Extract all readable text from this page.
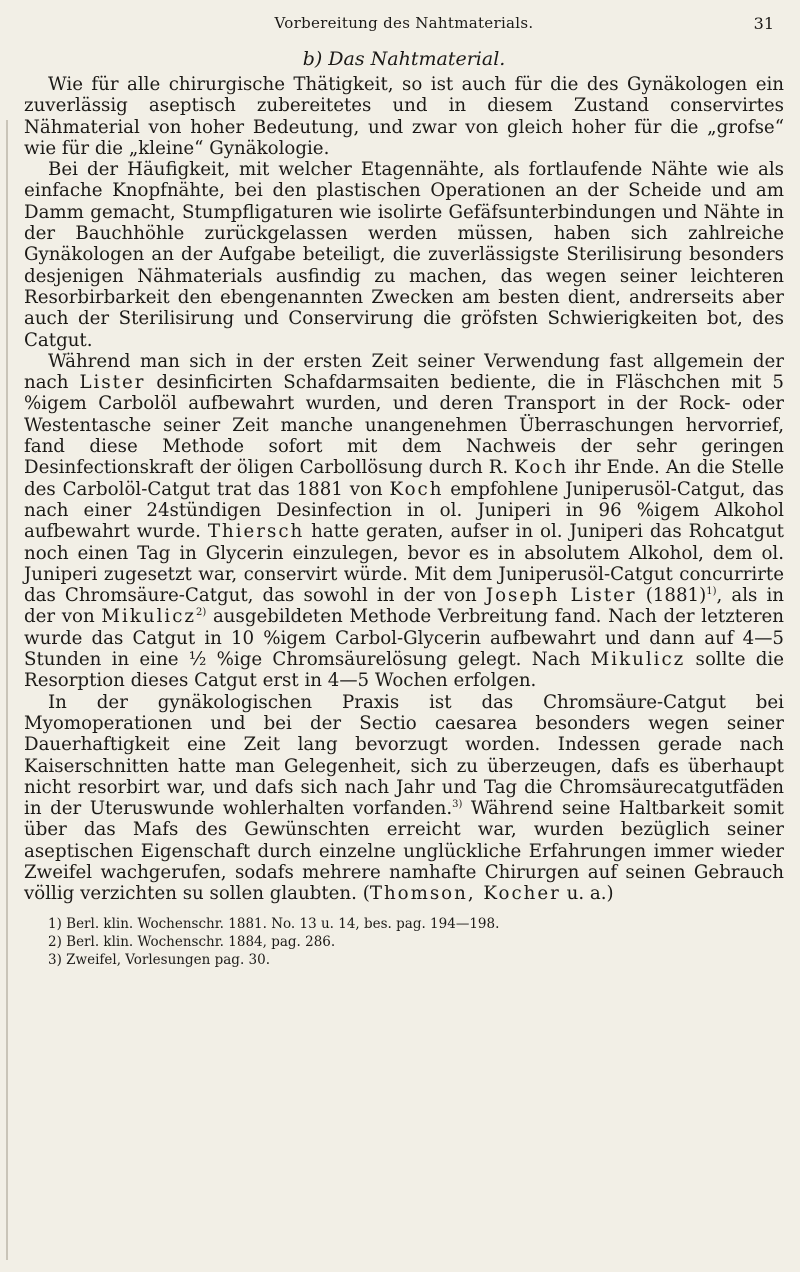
Vorbereitung des Nahtmaterials.	31
b) Das Nahtmaterial.

Wie für alle chirurgische Thätigkeit, so ist auch für die des Gynäkologen ein zuverlässig aseptisch zubereitetes und in diesem Zustand conservirtes Nähmaterial von hoher Bedeutung, und zwar von gleich hoher für die „grofse“ wie für die „kleine“ Gynäkologie.

Bei der Häufigkeit, mit welcher Etagennähte, als fortlaufende Nähte wie als einfache Knopfnähte, bei den plastischen Operationen an der Scheide und am Damm gemacht, Stumpfligaturen wie isolirte Gefäfsunterbindungen und Nähte in der Bauchhöhle zurückgelassen werden müssen, haben sich zahlreiche Gynäkologen an der Aufgabe beteiligt, die zuverlässigste Sterilisirung besonders desjenigen Nähmaterials ausfindig zu machen, das wegen seiner leichteren Resorbirbarkeit den ebengenannten Zwecken am besten dient, andrerseits aber auch der Sterilisirung und Conservirung die gröfsten Schwierigkeiten bot, des Catgut.

Während man sich in der ersten Zeit seiner Verwendung fast allgemein der nach Lister desinficirten Schafdarmsaiten bediente, die in Fläschchen mit 5 %igem Carbolöl aufbewahrt wurden, und deren Transport in der Rock- oder Westentasche seiner Zeit manche unangenehmen Überraschungen hervorrief, fand diese Methode sofort mit dem Nachweis der sehr geringen Desinfectionskraft der öligen Carbollösung durch R. Koch ihr Ende. An die Stelle des Carbolöl-Catgut trat das 1881 von Koch empfohlene Juniperusöl-Catgut, das nach einer 24stündigen Desinfection in ol. Juniperi in 96 %igem Alkohol aufbewahrt wurde. Thiersch hatte geraten, aufser in ol. Juniperi das Rohcatgut noch einen Tag in Glycerin einzulegen, bevor es in absolutem Alkohol, dem ol. Juniperi zugesetzt war, conservirt würde. Mit dem Juniperusöl-Catgut concurrirte das Chromsäure-Catgut, das sowohl in der von Joseph Lister $(1881)^{1)}$, als in der von Mikulicz$^{2)}$ ausgebildeten Methode Verbreitung fand. Nach der letzteren wurde das Catgut in 10 %igem Carbol-Glycerin aufbewahrt und dann auf 4—5 Stunden in eine ½ %ige Chromsäurelösung gelegt. Nach Mikulicz sollte die Resorption dieses Catgut erst in 4—5 Wochen erfolgen.

In der gynäkologischen Praxis ist das Chromsäure-Catgut bei Myomoperationen und bei der Sectio caesarea besonders wegen seiner Dauerhaftigkeit eine Zeit lang bevorzugt worden. Indessen gerade nach Kaiserschnitten hatte man Gelegenheit, sich zu überzeugen, dafs es überhaupt nicht resorbirt war, und dafs sich nach Jahr und Tag die Chromsäurecatgutfäden in der Uteruswunde wohlerhalten vorfanden.$^{3)}$ Während seine Haltbarkeit somit über das Mafs des Gewünschten erreicht war, wurden bezüglich seiner aseptischen Eigenschaft durch einzelne unglückliche Erfahrungen immer wieder Zweifel wachgerufen, sodafs mehrere namhafte Chirurgen auf seinen Gebrauch völlig verzichten su sollen glaubten. (Thomson, Kocher u. a.)

1) Berl. klin. Wochenschr. 1881. No. 13 u. 14, bes. pag. 194—198.

2) Berl. klin. Wochenschr. 1884, pag. 286.

3) Zweifel, Vorlesungen pag. 30.
